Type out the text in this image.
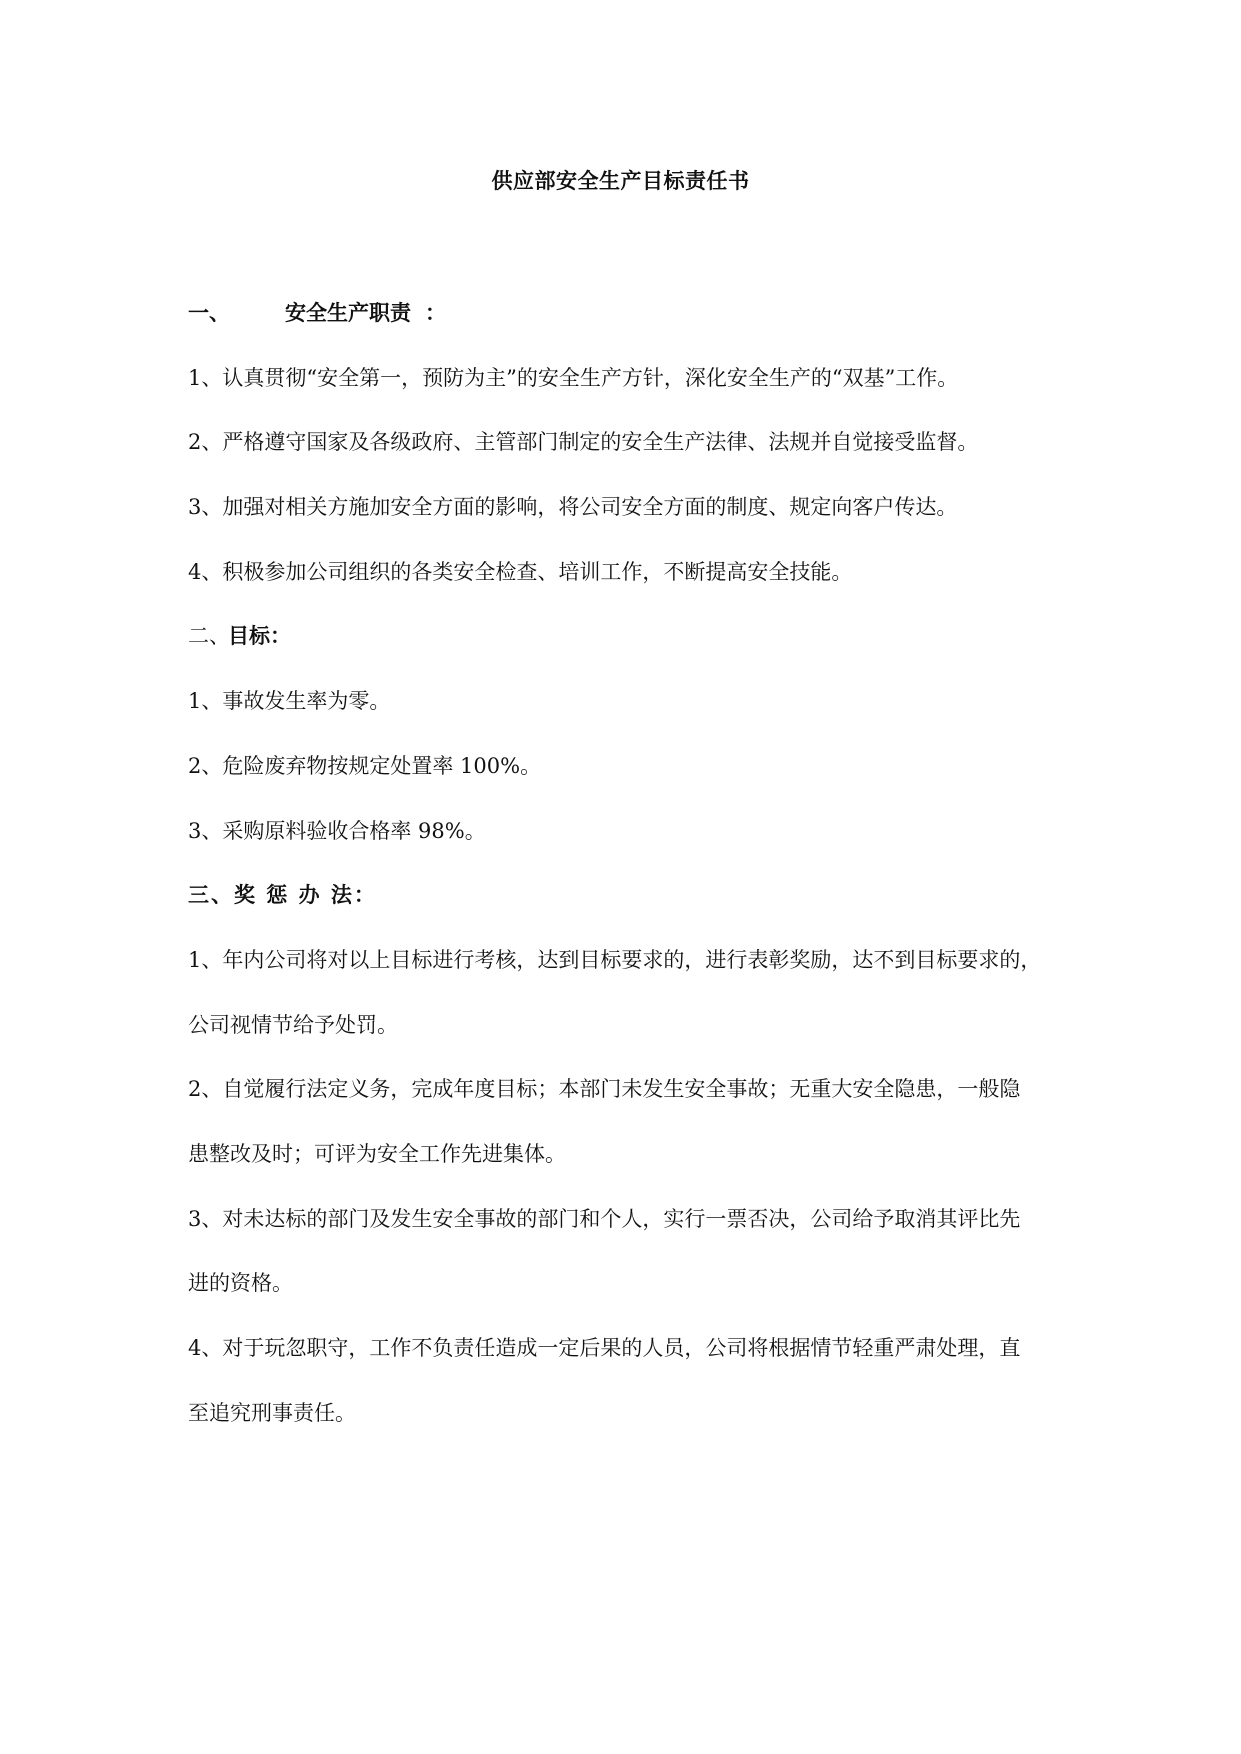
供应部安全生产目标责任书
一、	安全生产职责 ：
1、认真贯彻“安全第一，预防为主”的安全生产方针，深化安全生产的“双基”工作。
2、严格遵守国家及各级政府、主管部门制定的安全生产法律、法规并自觉接受监督。
3、加强对相关方施加安全方面的影响，将公司安全方面的制度、规定向客户传达。
4、积极参加公司组织的各类安全检查、培训工作，不断提高安全技能。
二、目标：
1、事故发生率为零。
2、危险废弃物按规定处置率 100%。
3、采购原料验收合格率 98%。
三、奖 惩 办 法：
1、年内公司将对以上目标进行考核，达到目标要求的，进行表彰奖励，达不到目标要求的，
公司视情节给予处罚。
2、自觉履行法定义务，完成年度目标；本部门未发生安全事故；无重大安全隐患，一般隐
患整改及时；可评为安全工作先进集体。
3、对未达标的部门及发生安全事故的部门和个人，实行一票否决，公司给予取消其评比先
进的资格。
4、对于玩忽职守，工作不负责任造成一定后果的人员，公司将根据情节轻重严肃处理，直
至追究刑事责任。
